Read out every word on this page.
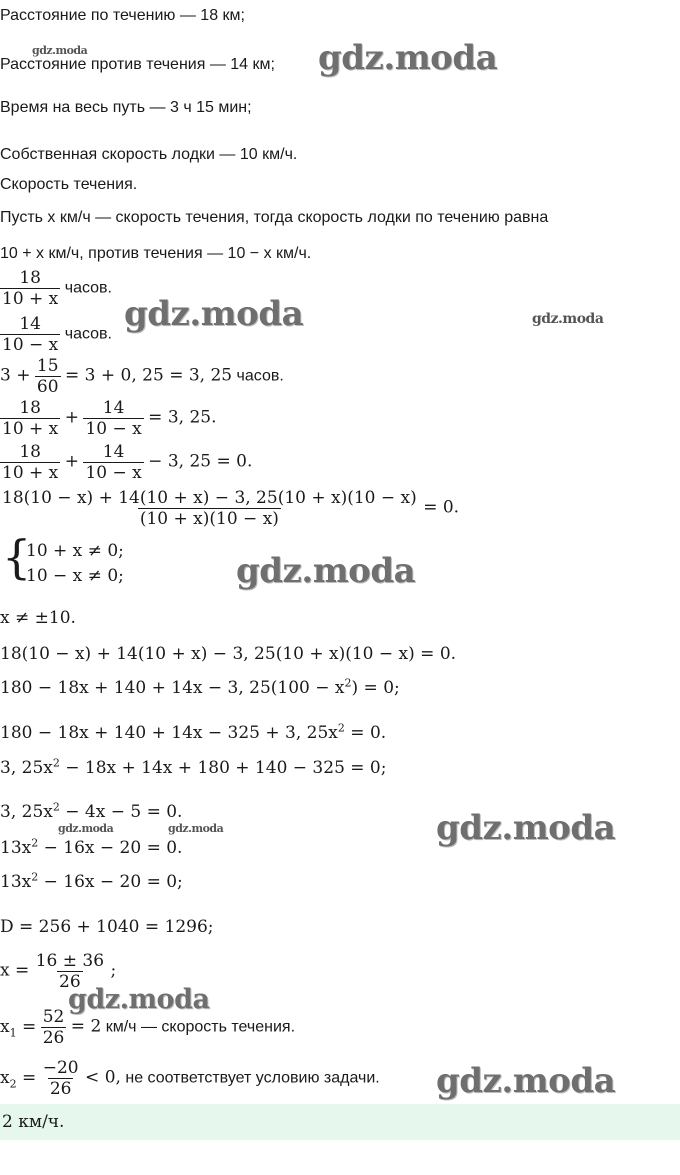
Расстояние по течению — 18 км;
Расстояние против течения — 14 км;
Время на весь путь — 3 ч 15 мин;
Собственная скорость лодки — 10 км/ч.
Скорость течения.
Пусть x км/ч — скорость течения, тогда скорость лодки по течению равна
10 + x км/ч, против течения — 10 − x км/ч.
$\frac{18}{10 + x}$ часов.
$\frac{14}{10 - x}$ часов.
$3 + \frac{15}{60} = 3 + 0$, 25 = 3, 25 часов.
$\frac{18}{10 + x} + \frac{14}{10 - x} = 3$, 25.
$\frac{18}{10 + x} + \frac{14}{10 - x} - 3$, 25 = 0.
$\frac{18(10 - x) + 14(10 + x) - 3, 25(10 + x)(10 - x)}{(10 + x)(10 - x)} = 0$.
{
10 + x ≠ 0;
10 − x ≠ 0;
x ≠ ±10.
18(10 − x) + 14(10 + x) − 3, 25(10 + x)(10 − x) = 0.
180 − 18x + 140 + 14x − 3, $25(100 - x^2) = 0$;
180 − 18x + 140 + 14x − 325 + 3, $25x^2 = 0$.
3, $25x^2 - 18x + 14x + 180 + 140 - 325 = 0$;
3, $25x^2 - 4x - 5 = 0$.
$13x^2 - 16x - 20 = 0$.
$13x^2 - 16x - 20 = 0$;
D = 256 + 1040 = 1296;
$x = \frac{16 \pm 36}{26}$ ;
$x_1 = \frac{52}{26} = 2$ км/ч — скорость течения.
$x_2 = \frac{-20}{26} < 0$, не соответствует условию задачи.
2 км/ч.
gdz.moda	gdz.moda
gdz.moda	gdz.moda
gdz.moda
gdz.moda
gdz.moda	gdz.moda
gdz.moda
gdz.moda
